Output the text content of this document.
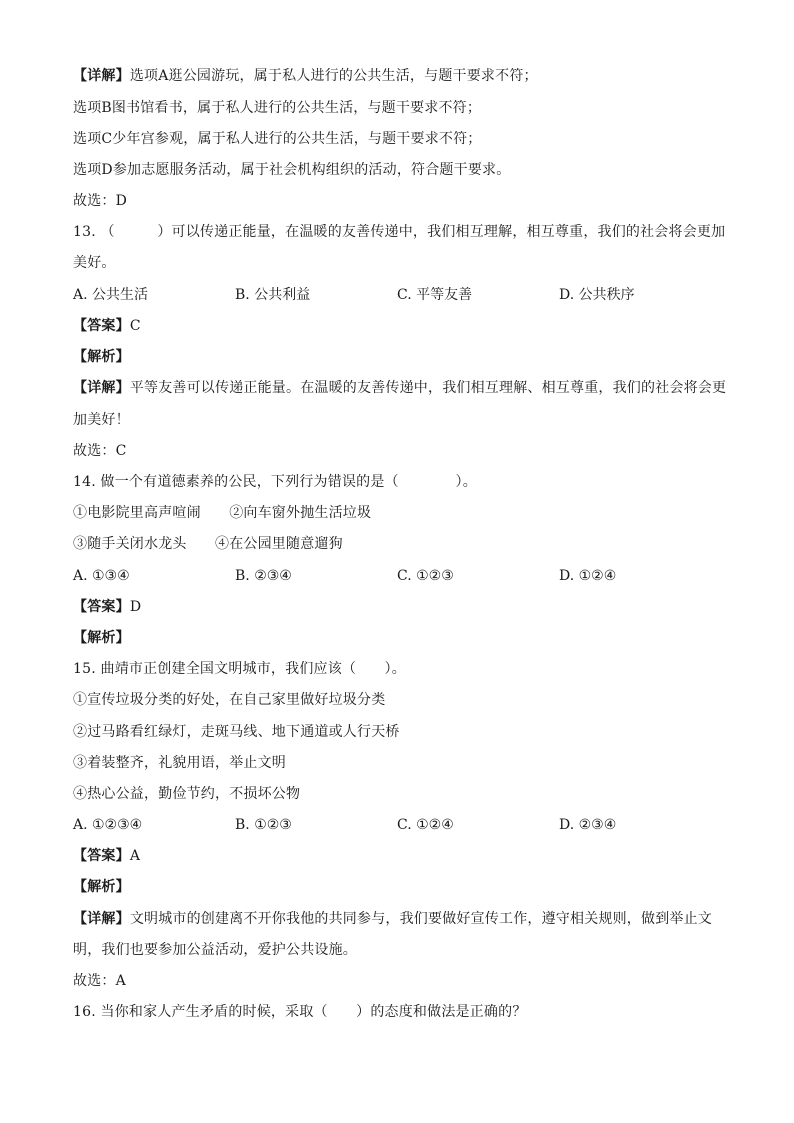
【详解】选项A逛公园游玩，属于私人进行的公共生活，与题干要求不符；
选项B图书馆看书，属于私人进行的公共生活，与题干要求不符；
选项C少年宫参观，属于私人进行的公共生活，与题干要求不符；
选项D参加志愿服务活动，属于社会机构组织的活动，符合题干要求。
故选：D
13. （　　　）可以传递正能量，在温暖的友善传递中，我们相互理解，相互尊重，我们的社会将会更加
美好。
A. 公共生活	B. 公共利益	C. 平等友善	D. 公共秩序
【答案】C
【解析】
【详解】平等友善可以传递正能量。在温暖的友善传递中，我们相互理解、相互尊重，我们的社会将会更
加美好！
故选：C
14. 做一个有道德素养的公民，下列行为错误的是（　　　　）。
①电影院里高声喧闹　　②向车窗外抛生活垃圾
③随手关闭水龙头　　④在公园里随意遛狗
A. ①③④	B. ②③④	C. ①②③	D. ①②④
【答案】D
【解析】
15. 曲靖市正创建全国文明城市，我们应该（　　）。
①宣传垃圾分类的好处，在自己家里做好垃圾分类
②过马路看红绿灯，走斑马线、地下通道或人行天桥
③着装整齐，礼貌用语，举止文明
④热心公益，勤俭节约，不损坏公物
A. ①②③④	B. ①②③	C. ①②④	D. ②③④
【答案】A
【解析】
【详解】文明城市的创建离不开你我他的共同参与，我们要做好宣传工作，遵守相关规则，做到举止文
明，我们也要参加公益活动，爱护公共设施。
故选：A
16. 当你和家人产生矛盾的时候，采取（　　）的态度和做法是正确的？
